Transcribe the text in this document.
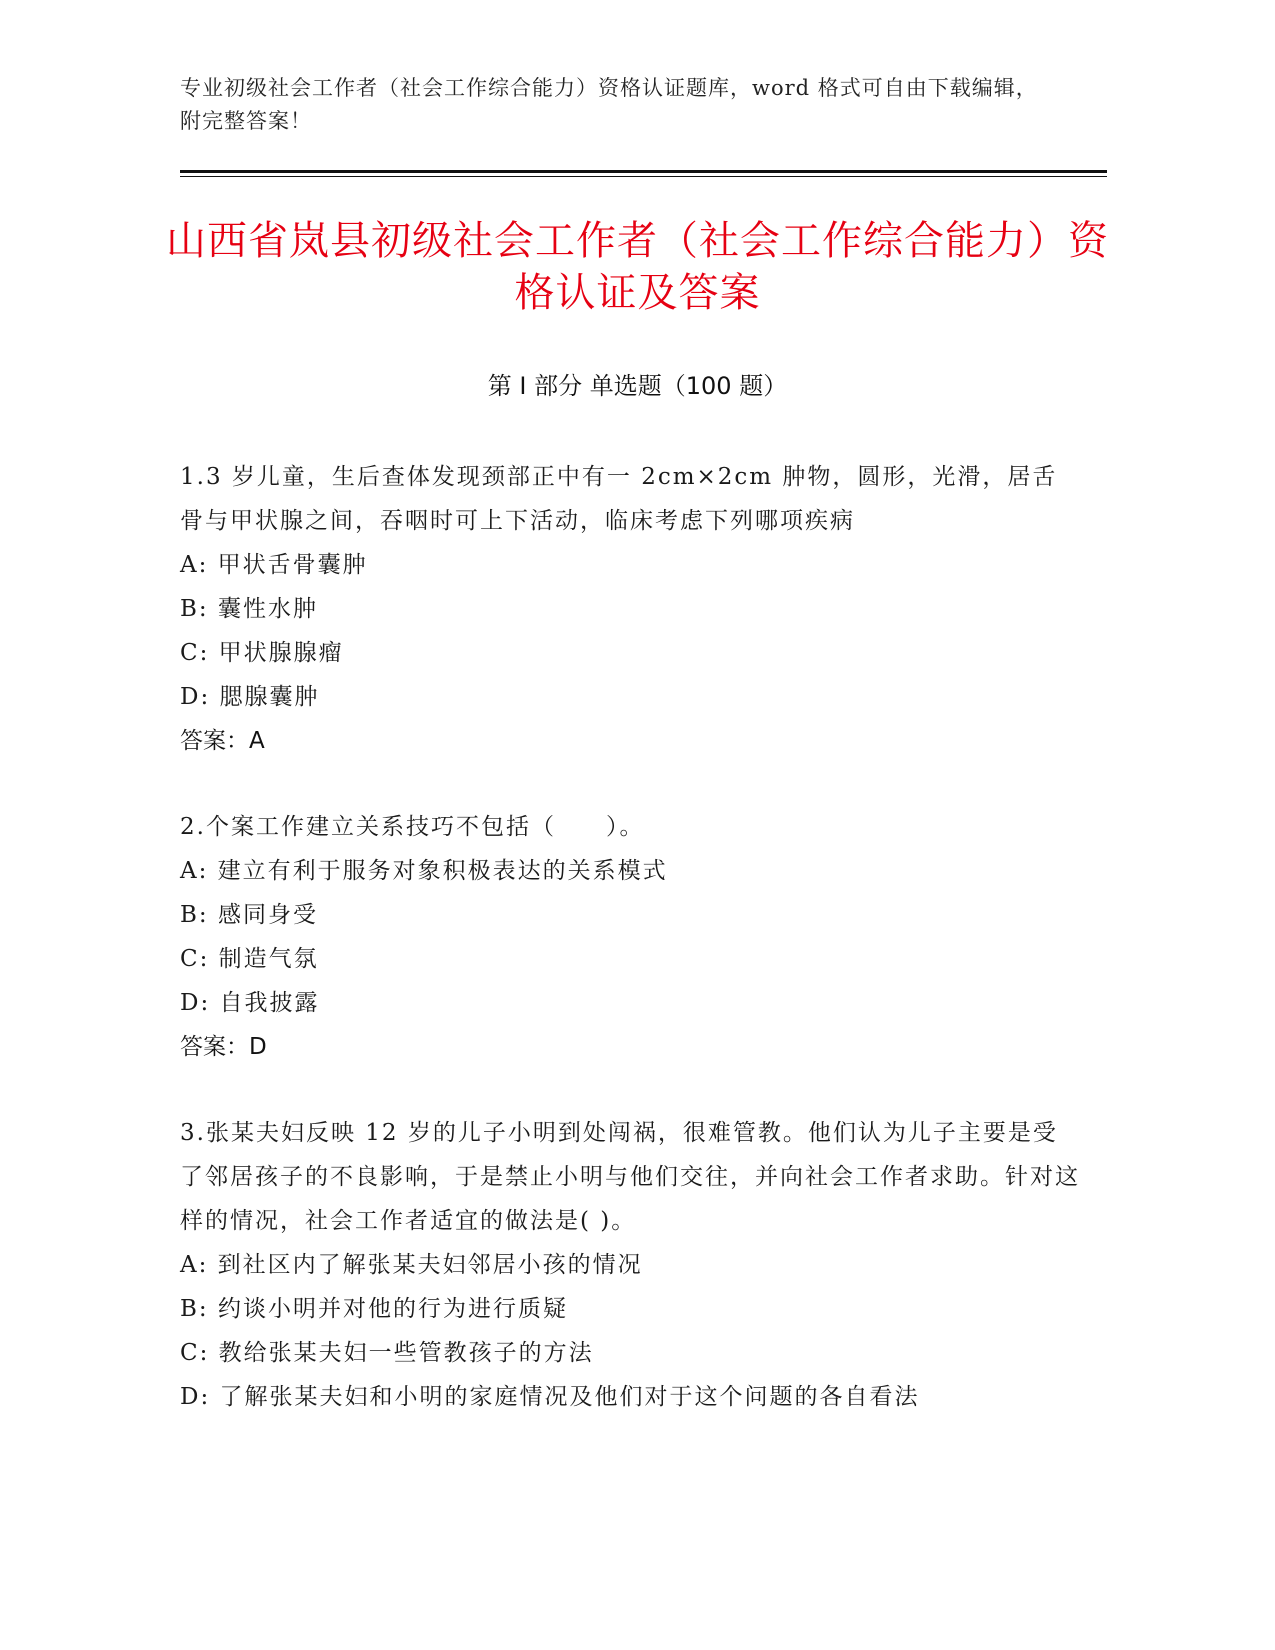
专业初级社会工作者（社会工作综合能力）资格认证题库，word 格式可自由下载编辑，附完整答案！
山西省岚县初级社会工作者（社会工作综合能力）资格认证及答案
第 I 部分 单选题（100 题）
1.3 岁儿童，生后查体发现颈部正中有一 2cm×2cm 肿物，圆形，光滑，居舌骨与甲状腺之间，吞咽时可上下活动，临床考虑下列哪项疾病
A: 甲状舌骨囊肿
B: 囊性水肿
C: 甲状腺腺瘤
D: 腮腺囊肿
答案：A
2.个案工作建立关系技巧不包括（　　）。
A: 建立有利于服务对象积极表达的关系模式
B: 感同身受
C: 制造气氛
D: 自我披露
答案：D
3.张某夫妇反映 12 岁的儿子小明到处闯祸，很难管教。他们认为儿子主要是受了邻居孩子的不良影响，于是禁止小明与他们交往，并向社会工作者求助。针对这样的情况，社会工作者适宜的做法是( )。
A: 到社区内了解张某夫妇邻居小孩的情况
B: 约谈小明并对他的行为进行质疑
C: 教给张某夫妇一些管教孩子的方法
D: 了解张某夫妇和小明的家庭情况及他们对于这个问题的各自看法
